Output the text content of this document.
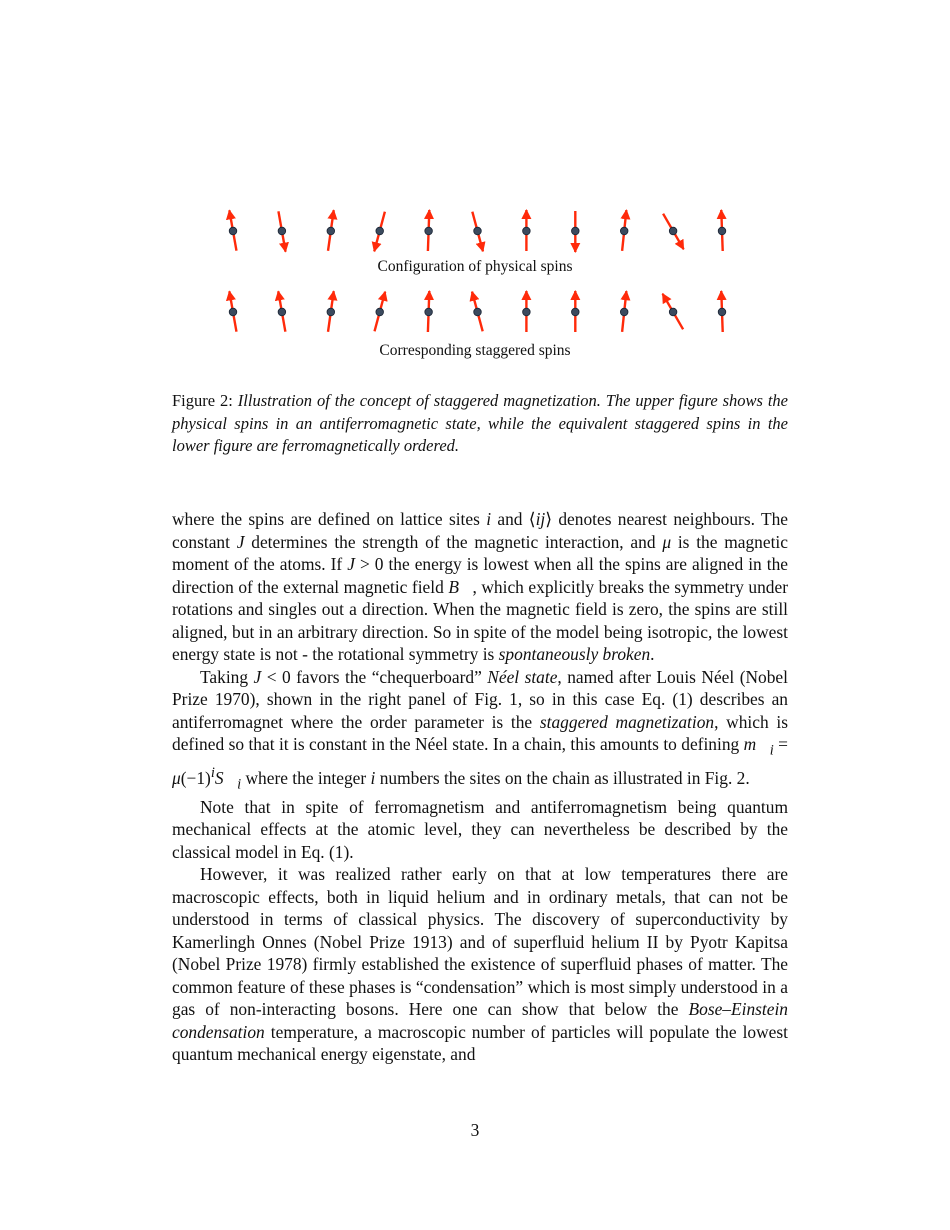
Configuration of physical spins

Corresponding staggered spins

Figure 2: Illustration of the concept of staggered magnetization. The upper figure shows the physical spins in an antiferromagnetic state, while the equivalent staggered spins in the lower figure are ferromagnetically ordered.

where the spins are defined on lattice sites i and ⟨ij⟩ denotes nearest neighbours. The constant J determines the strength of the magnetic interaction, and μ is the magnetic moment of the atoms. If J > 0 the energy is lowest when all the spins are aligned in the direction of the external magnetic field B⃗, which explicitly breaks the symmetry under rotations and singles out a direction. When the magnetic field is zero, the spins are still aligned, but in an arbitrary direction. So in spite of the model being isotropic, the lowest energy state is not - the rotational symmetry is spontaneously broken.

Taking J < 0 favors the “chequerboard” Néel state, named after Louis Néel (Nobel Prize 1970), shown in the right panel of Fig. 1, so in this case Eq. (1) describes an antiferromagnet where the order parameter is the staggered magnetization, which is defined so that it is constant in the Néel state. In a chain, this amounts to defining $m⃗_i$ = $\mu(-1)^iS⃗_i$ where the integer i numbers the sites on the chain as illustrated in Fig. 2.

Note that in spite of ferromagnetism and antiferromagnetism being quantum mechanical effects at the atomic level, they can nevertheless be described by the classical model in Eq. (1).

However, it was realized rather early on that at low temperatures there are macroscopic effects, both in liquid helium and in ordinary metals, that can not be understood in terms of classical physics. The discovery of superconductivity by Kamerlingh Onnes (Nobel Prize 1913) and of superfluid helium II by Pyotr Kapitsa (Nobel Prize 1978) firmly established the existence of superfluid phases of matter. The common feature of these phases is “condensation” which is most simply understood in a gas of non-interacting bosons. Here one can show that below the Bose–Einstein condensation temperature, a macroscopic number of particles will populate the lowest quantum mechanical energy eigenstate, and

3
